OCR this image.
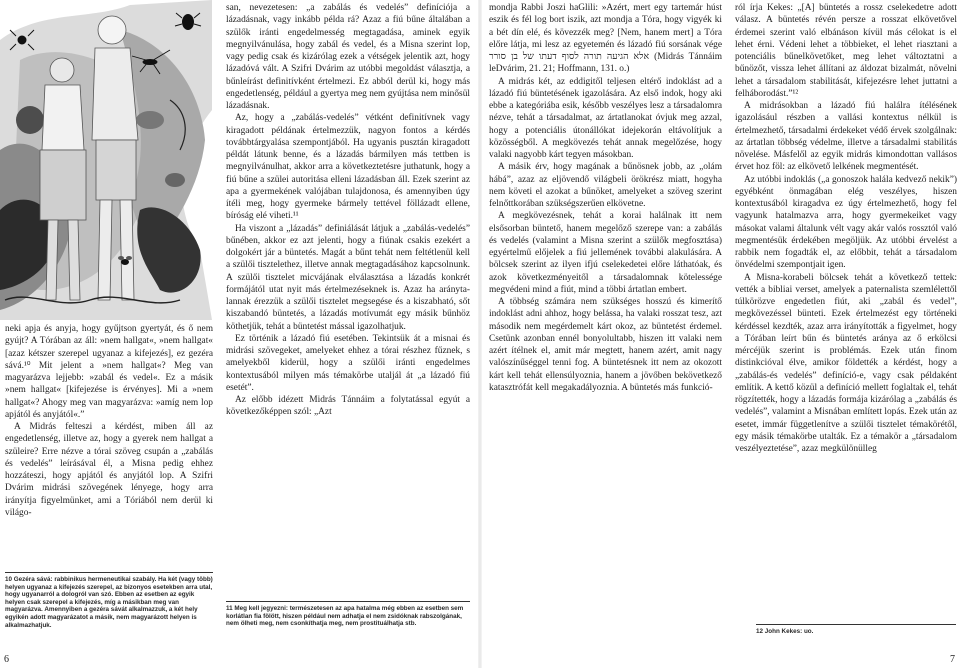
neki apja és anyja, hogy gyűjtson gyertyát, és ő nem gyújt? A Tórában az áll: »nem hallgat«, »nem hallgat« [azaz kétszer szerepel ugyanaz a kifejezés], ez gezéra sává.¹⁰ Mit jelent a »nem hallgat«? Meg van magyarázva lejjebb: »zabál és vedel«. Ez a másik »nem hallgat« [kifejezése is érvényes]. Mi a »nem hallgat«? Ahogy meg van magyarázva: »amíg nem lop apjától és anyjától«.”

A Midrás felteszi a kérdést, miben áll az engedetlenség, illetve az, hogy a gyerek nem hallgat a szüleire? Erre nézve a tórai szöveg csupán a „zabálás és vedelés” leírásával él, a Misna pedig ehhez hozzáteszi, hogy apjától és anyjától lop. A Szifri Dvárim midrási szövegének lényege, hogy arra irányítja figyelmünket, ami a Tóriából nem derül ki világo-

san, nevezetesen: „a zabálás és vedelés” definíciója a lázadásnak, vagy inkább példa rá? Azaz a fiú bűne általában a szülők iránti engedelmesség megtagadása, aminek egyik megnyilvánulása, hogy zabál és vedel, és a Misna szerint lop, vagy pedig csak és kizárólag ezek a vétségek jelentik azt, hogy lázadóvá vált. A Szifri Dvárim az utóbbi megoldást választja, a bűnleírást definitívként értelmezi. Ez abból derül ki, hogy más engedetlenség, például a gyertya meg nem gyújtása nem minősül lázadásnak.

Az, hogy a „zabálás-vedelés” vétként definitívnek vagy kiragadott példának értelmezzük, nagyon fontos a kérdés továbbtárgyalása szempontjából. Ha ugyanis pusztán kiragadott példát látunk benne, és a lázadás bármilyen más tettben is megnyilvánulhat, akkor arra a következtetésre juthatunk, hogy a fiú bűne a szülei autoritása elleni lázadásban áll. Ezek szerint az apa a gyermekének valójában tulajdonosa, és amennyiben úgy ítéli meg, hogy gyermeke bármely tettével föllázadt ellene, bíróság elé viheti.¹¹

Ha viszont a „lázadás” definiálását látjuk a „zabálás-vedelés” bűnében, akkor ez azt jelenti, hogy a fiúnak csakis ezekért a dolgokért jár a büntetés. Magát a bűnt tehát nem feltétlenül kell a szülői tisztelethez, illetve annak megtagadásához kapcsolnunk. A szülői tisztelet micvájának elválasztása a lázadás konkrét formájától utat nyit más értelmezéseknek is. Azaz ha aránytalannak érezzük a szülői tisztelet megsegése és a kiszabható, sőt kiszabandó büntetés, a lázadás motívumát egy másik bűnhöz köthetjük, tehát a büntetést mással igazolhatjuk.

Ez történik a lázadó fiú esetében. Tekintsük át a misnai és midrási szövegeket, amelyeket ehhez a tórai részhez fűznek, s amelyekből kiderül, hogy a szülői iránti engedelmes kontextusából milyen más témakörbe utaljál át „a lázadó fiú esetét”.

Az előbb idézett Midrás Tánnáim a folytatással egyút a következőképpen szól: „Azt

10 Gezéra sává: rabbinikus hermeneutikai szabály. Ha két (vagy több) helyen ugyanaz a kifejezés szerepel, az bizonyos esetekben arra utal, hogy ugyanarról a dologról van szó. Ebben az esetben az egyik helyen csak szerepel a kifejezés, míg a másikban meg van magyarázva. Amennyiben a gezéra sávát alkalmazzuk, a két hely egyikén adott magyarázatot a másik, nem magyarázott helyen is alkalmazhatjuk.
11 Meg kell jegyezni: természetesen az apa hatalma még ebben az esetben sem korlátlan fia fölött, hiszen például nem adhatja el nem zsidóknak rabszolgának, nem ölheti meg, nem csonkíthatja meg, nem prostituálhatja stb.
6

mondja Rabbi Joszi haGlili: »Azért, mert egy tartemár húst eszik és fél log bort iszik, azt mondja a Tóra, hogy vigyék ki a bét dín elé, és kövezzék meg? [Nem, hanem mert] a Tóra előre látja, mi lesz az egyetemén és lázadó fiú sorsának vége אלא הגיעה תורה לסוף דעתו של בן סורר (Midrás Tánnáim leDvárim, 21. 21; Hoffmann, 131. o.)

A midrás két, az eddigitől teljesen eltérő indoklást ad a lázadó fiú büntetésének igazolására. Az első indok, hogy aki ebbe a kategóriába esik, később veszélyes lesz a társadalomra nézve, tehát a társadalmat, az ártatlanokat óvjuk meg azzal, hogy a potenciális útonállókat idejekorán eltávolítjuk a közösségből. A megkövezés tehát annak megelőzése, hogy valaki nagyobb kárt tegyen másokban.

A másik érv, hogy magának a bűnösnek jobb, az „olám hábá”, azaz az eljövendő világbeli örökrész miatt, hogyha nem követi el azokat a bűnöket, amelyeket a szöveg szerint felnőttkorában szükségszerűen elkövetne.

A megkövezésnek, tehát a korai halálnak itt nem elsősorban büntető, hanem megelőző szerepe van: a zabálás és vedelés (valamint a Misna szerint a szülők megfosztása) egyértelmű előjelek a fiú jellemének további alakulására. A bölcsek szerint az ilyen ifjú cselekedetei előre láthatóak, és azok következményeitől a társadalomnak kötelessége megvédeni mind a fiút, mind a többi ártatlan embert.

A többség számára nem szükséges hosszú és kimerítő indoklást adni ahhoz, hogy belássa, ha valaki rosszat tesz, azt második nem megérdemelt kárt okoz, az büntetést érdemel. Csetünk azonban ennél bonyolultabb, hiszen itt valaki nem azért ítélnek el, amit már megtett, hanem azért, amit nagy valószínűséggel tenni fog. A büntetésnek itt nem az okozott kárt kell tehát ellensúlyoznia, hanem a jövőben bekövetkező katasztrófát kell megakadályoznia. A büntetés más funkció-

ról írja Kekes: „[A] büntetés a rossz cselekedetre adott válasz. A büntetés révén persze a rosszat elkövetővel érdemei szerint való elbánáson kívül más célokat is el lehet érni. Védeni lehet a többieket, el lehet riasztani a potenciális bűnelkövetőket, meg lehet változtatni a bűnözőt, vissza lehet állítani az áldozat bizalmát, növelni lehet a társadalom stabilitását, kifejezésre lehet juttatni a felháborodást.”¹²

A midrásokban a lázadó fiú halálra ítélésének igazolásául részben a vallási kontextus nélkül is értelmezhető, társadalmi érdekeket védő érvek szolgálnak: az ártatlan többség védelme, illetve a társadalmi stabilitás növelése. Másfelől az egyik midrás kimondottan vallásos érvet hoz föl: az elkövető lelkének megmentését.

Az utóbbi indoklás („a gonoszok halála kedvező nekik”) egyébként önmagában elég veszélyes, hiszen kontextusából kiragadva ez úgy értelmezhető, hogy fel vagyunk hatalmazva arra, hogy gyermekeiket vagy másokat valami általunk vélt vagy akár valós rossztól való megmentésük érdekében megöljük. Az utóbbi érvelést a rabbik nem fogadták el, az előbbit, tehát a társadalom önvédelmi szempontjait igen.

A Misna-korabeli bölcsek tehát a következő tettek: vették a bibliai verset, amelyek a paternalista szemlélettől túlkörözve engedetlen fiút, aki „zabál és vedel”, megkövezéssel bünteti. Ezek értelmezést egy történeki kérdéssel kezdték, azaz arra irányították a figyelmet, hogy a Tórában leírt bűn és büntetés aránya az ő erkölcsi mércéjük szerint is problémás. Ezek után finom distinkcióval élve, amikor földették a kérdést, hogy a „zabálás-és vedelés” definíció-e, vagy csak példaként említik. A kettő közül a definíció mellett foglaltak el, tehát rögzítették, hogy a lázadás formája kizárólag a „zabálás és vedelés”, valamint a Misnában említett lopás. Ezek után az esetet, immár függetlenítve a szülői tisztelet témakörétől, egy másik témakörbe utalták. Ez a témakör a „társadalom veszélyeztetése”, azaz megkülönülleg

12 John Kekes: uo.
7
